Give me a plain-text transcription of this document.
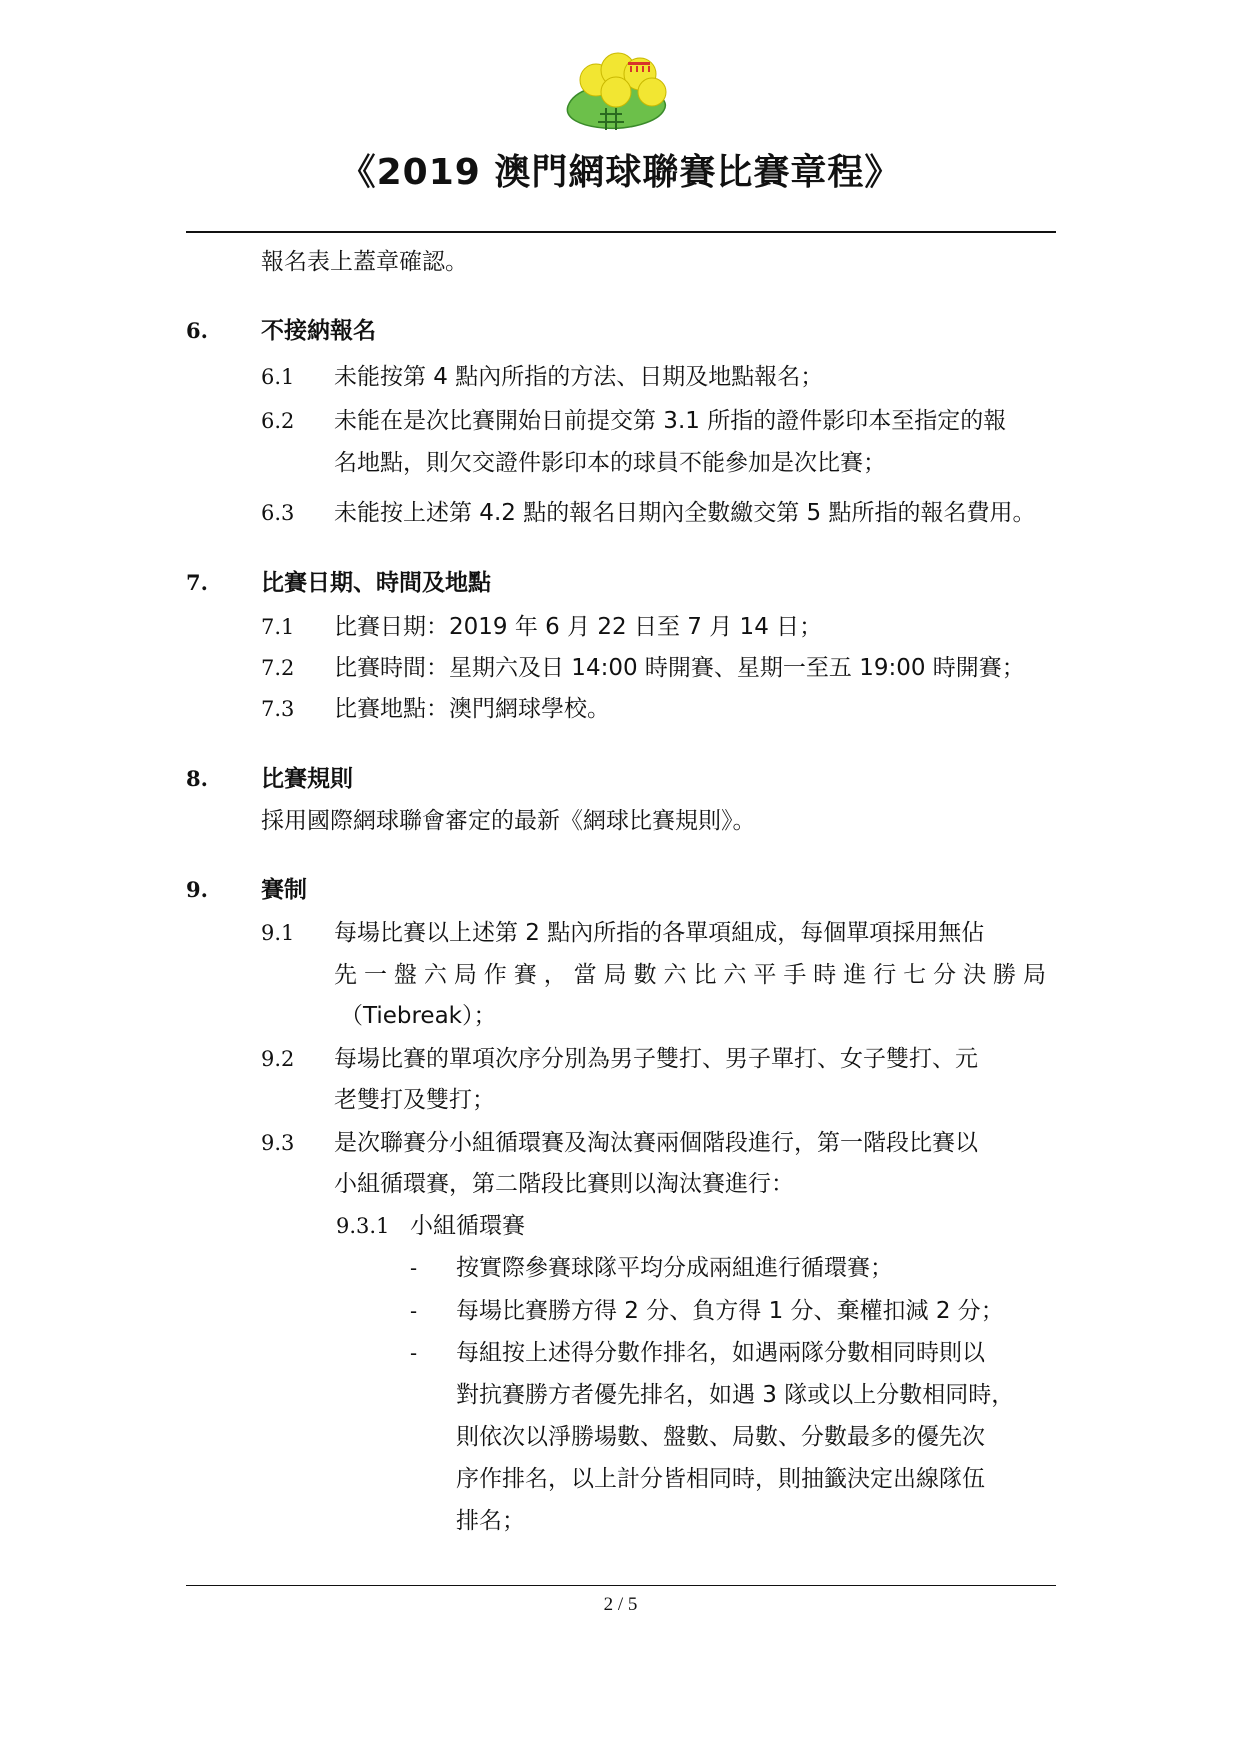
《2019 澳門網球聯賽比賽章程》
報名表上蓋章確認。
6. 不接納報名
6.1 未能按第 4 點內所指的方法、日期及地點報名；
6.2 未能在是次比賽開始日前提交第 3.1 所指的證件影印本至指定的報
名地點，則欠交證件影印本的球員不能參加是次比賽；
6.3 未能按上述第 4.2 點的報名日期內全數繳交第 5 點所指的報名費用。
7. 比賽日期、時間及地點
7.1 比賽日期：2019 年 6 月 22 日至 7 月 14 日；
7.2 比賽時間：星期六及日 14:00 時開賽、星期一至五 19:00 時開賽；
7.3 比賽地點：澳門網球學校。
8. 比賽規則
採用國際網球聯會審定的最新《網球比賽規則》。
9. 賽制
9.1 每場比賽以上述第 2 點內所指的各單項組成，每個單項採用無佔
先一盤六局作賽，當局數六比六平手時進行七分決勝局
（Tiebreak）；
9.2 每場比賽的單項次序分別為男子雙打、男子單打、女子雙打、元
老雙打及雙打；
9.3 是次聯賽分小組循環賽及淘汰賽兩個階段進行，第一階段比賽以
小組循環賽，第二階段比賽則以淘汰賽進行：
9.3.1 小組循環賽
- 按實際參賽球隊平均分成兩組進行循環賽；
- 每場比賽勝方得 2 分、負方得 1 分、棄權扣減 2 分；
- 每組按上述得分數作排名，如遇兩隊分數相同時則以
對抗賽勝方者優先排名，如遇 3 隊或以上分數相同時，
則依次以淨勝場數、盤數、局數、分數最多的優先次
序作排名，以上計分皆相同時，則抽籤決定出線隊伍
排名；
2 / 5
